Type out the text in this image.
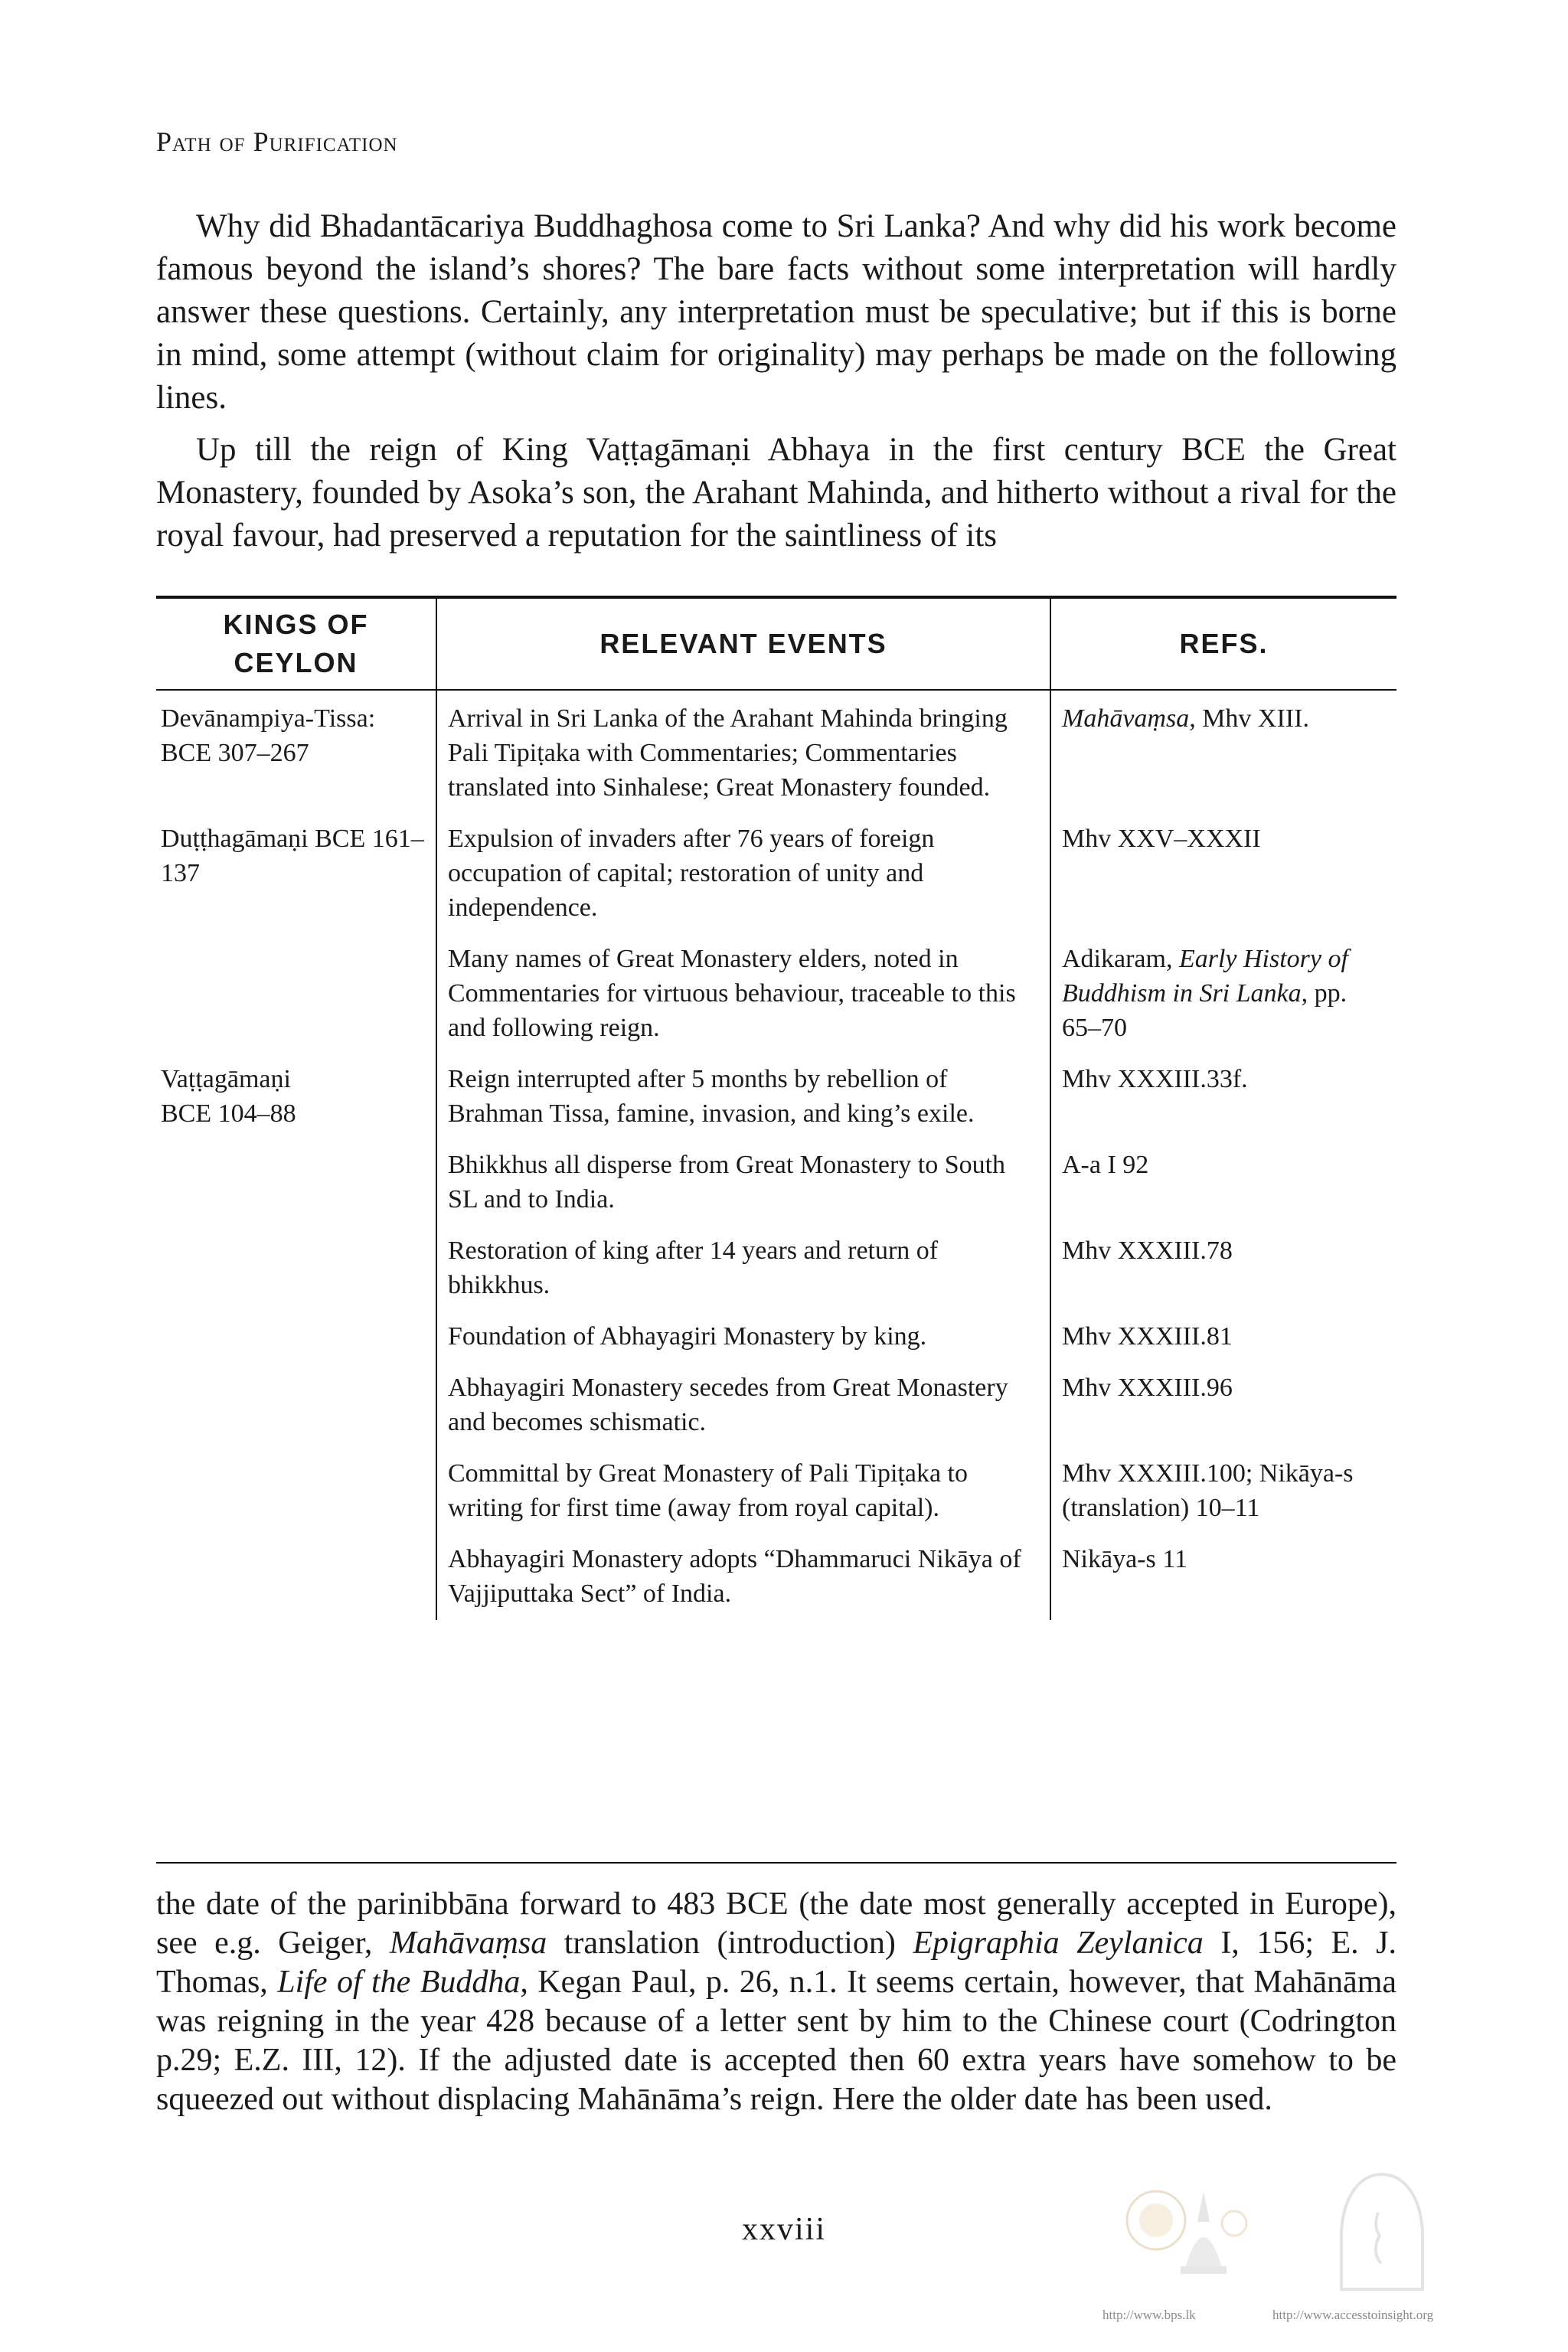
Path of Purification

Why did Bhadantācariya Buddhaghosa come to Sri Lanka? And why did his work become famous beyond the island’s shores? The bare facts without some interpretation will hardly answer these questions. Certainly, any interpretation must be speculative; but if this is borne in mind, some attempt (without claim for originality) may perhaps be made on the following lines.

Up till the reign of King Vaṭṭagāmaṇi Abhaya in the first century BCE the Great Monastery, founded by Asoka’s son, the Arahant Mahinda, and hitherto without a rival for the royal favour, had preserved a reputation for the saintliness of its

KINGS OF CEYLON	RELEVANT EVENTS	REFS.

Devānampiya-Tissa:
BCE 307–267	Arrival in Sri Lanka of the Arahant Mahinda bringing Pali Tipiṭaka with Commentaries; Commentaries translated into Sinhalese; Great Monastery founded.	Mahāvaṃsa, Mhv XIII.

Duṭṭhagāmaṇi BCE 161–137	Expulsion of invaders after 76 years of foreign occupation of capital; restoration of unity and independence.	Mhv XXV–XXXII
	Many names of Great Monastery elders, noted in Commentaries for virtuous behaviour, traceable to this and following reign.	Adikaram, Early History of Buddhism in Sri Lanka, pp. 65–70

Vaṭṭagāmaṇi
BCE 104–88	Reign interrupted after 5 months by rebellion of Brahman Tissa, famine, invasion, and king’s exile.	Mhv XXXIII.33f.
	Bhikkhus all disperse from Great Monastery to South SL and to India.	A-a I 92
	Restoration of king after 14 years and return of bhikkhus.	Mhv XXXIII.78
	Foundation of Abhayagiri Monastery by king.	Mhv XXXIII.81
	Abhayagiri Monastery secedes from Great Monastery and becomes schismatic.	Mhv XXXIII.96
	Committal by Great Monastery of Pali Tipiṭaka to writing for first time (away from royal capital).	Mhv XXXIII.100; Nikāya-s (translation) 10–11
	Abhayagiri Monastery adopts “Dhammaruci Nikāya of Vajjiputtaka Sect” of India.	Nikāya-s 11

the date of the parinibbāna forward to 483 BCE (the date most generally accepted in Europe), see e.g. Geiger, Mahāvaṃsa translation (introduction) Epigraphia Zeylanica I, 156; E. J. Thomas, Life of the Buddha, Kegan Paul, p. 26, n.1. It seems certain, however, that Mahānāma was reigning in the year 428 because of a letter sent by him to the Chinese court (Codrington p.29; E.Z. III, 12). If the adjusted date is accepted then 60 extra years have somehow to be squeezed out without displacing Mahānāma’s reign. Here the older date has been used.

xxviii
http://www.bps.lk	http://www.accesstoinsight.org
